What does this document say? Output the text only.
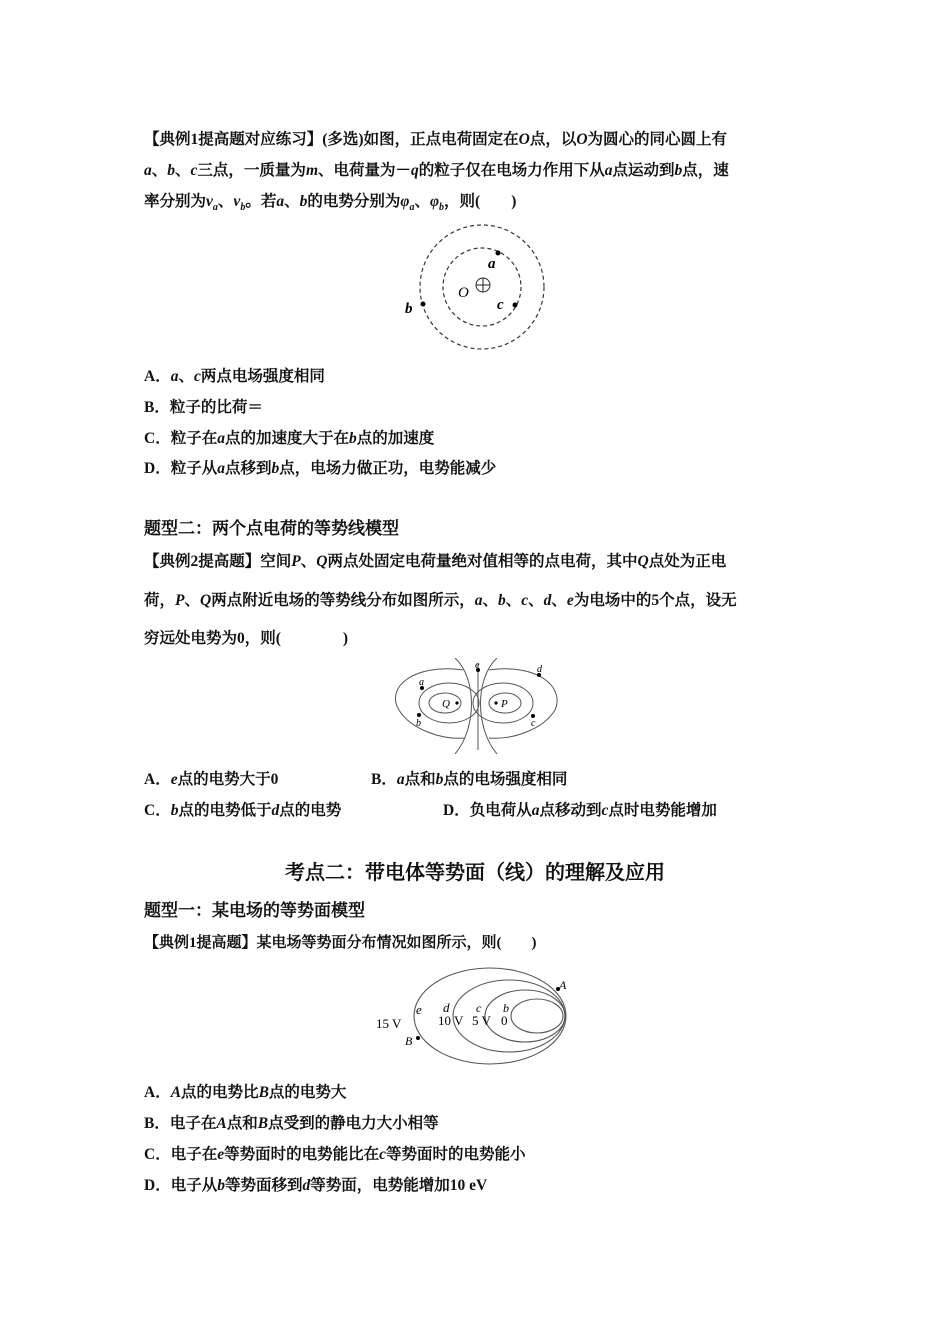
【典例1提高题对应练习】(多选)如图，正点电荷固定在O点，以O为圆心的同心圆上有
a、b、c三点，一质量为m、电荷量为－q的粒子仅在电场力作用下从a点运动到b点，速
率分别为$v_a$、$v_b$。若a、b的电势分别为$\varphi_a$、$\varphi_b$，则(　　)
a
O
c
b
A．a、c两点电场强度相同
B．粒子的比荷＝
C．粒子在a点的加速度大于在b点的加速度
D．粒子从a点移到b点，电场力做正功，电势能减少
题型二：两个点电荷的等势线模型
【典例2提高题】空间P、Q两点处固定电荷量绝对值相等的点电荷，其中Q点处为正电
荷，P、Q两点附近电场的等势线分布如图所示，a、b、c、d、e为电场中的5个点，设无
穷远处电势为0，则(　　　　)
e	d
a
Q	P
b	c
A．e点的电势大于0	B．a点和b点的电场强度相同
C．b点的电势低于d点的电势	D．负电荷从a点移动到c点时电势能增加
考点二：带电体等势面（线）的理解及应用
题型一：某电场的等势面模型
【典例1提高题】某电场等势面分布情况如图所示，则(　　)
A
B
e d c b
15 V	10 V 5 V 0
A．A点的电势比B点的电势大
B．电子在A点和B点受到的静电力大小相等
C．电子在e等势面时的电势能比在c等势面时的电势能小
D．电子从b等势面移到d等势面，电势能增加10 eV
